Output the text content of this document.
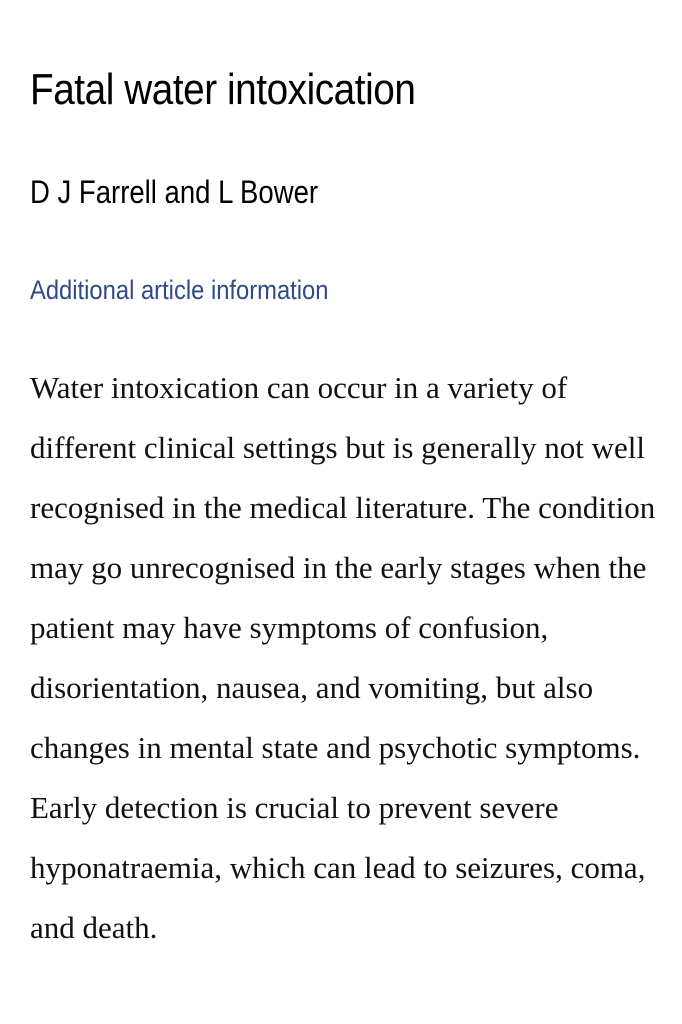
Fatal water intoxication

D J Farrell and L Bower

Additional article information

Water intoxication can occur in a variety of different clinical settings but is generally not well recognised in the medical literature. The condition may go unrecognised in the early stages when the patient may have symptoms of confusion, disorientation, nausea, and vomiting, but also changes in mental state and psychotic symptoms. Early detection is crucial to prevent severe hyponatraemia, which can lead to seizures, coma, and death.
